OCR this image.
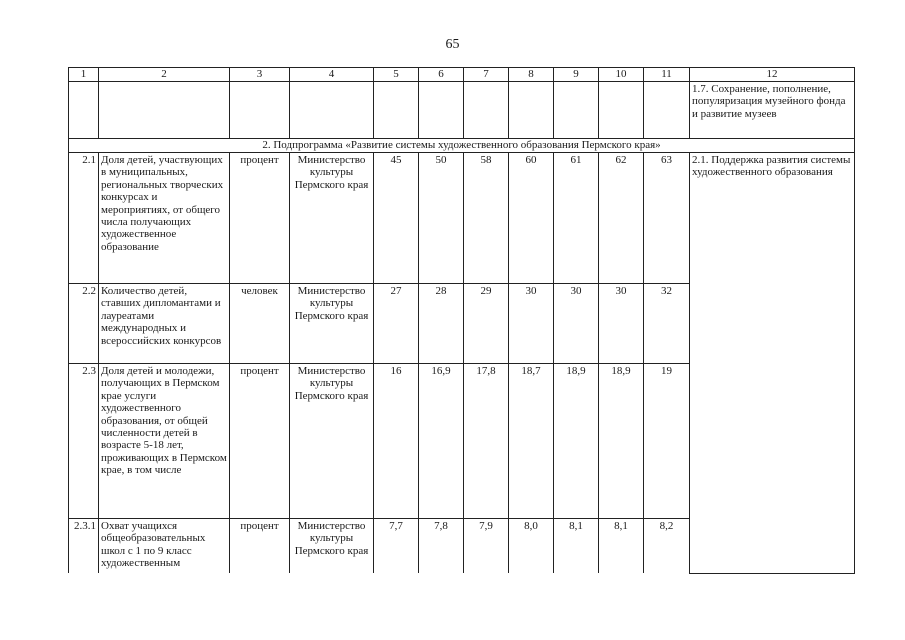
65
1	2	3	4	5	6	7	8	9	10	11	12
											1.7. Сохранение, пополнение, популяризация музейного фонда и развитие музеев
2. Подпрограмма «Развитие системы художественного образования Пермского края»											
2.1	Доля детей, участвующих в муниципальных, региональных творческих конкурсах и мероприятиях, от общего числа получающих художественное образование	процент	Министерство культуры Пермского края	45	50	58	60	61	62	63	2.1. Поддержка развития системы художественного образования
2.2	Количество детей, ставших дипломантами и лауреатами международных и всероссийских конкурсов	человек	Министерство культуры Пермского края	27	28	29	30	30	30	32	
2.3	Доля детей и молодежи, получающих в Пермском крае услуги художественного образования, от общей численности детей в возрасте 5-18 лет, проживающих в Пермском крае, в том числе	процент	Министерство культуры Пермского края	16	16,9	17,8	18,7	18,9	18,9	19	
2.3.1	Охват учащихся общеобразовательных школ с 1 по 9 класс художественным	процент	Министерство культуры Пермского края	7,7	7,8	7,9	8,0	8,1	8,1	8,2	
